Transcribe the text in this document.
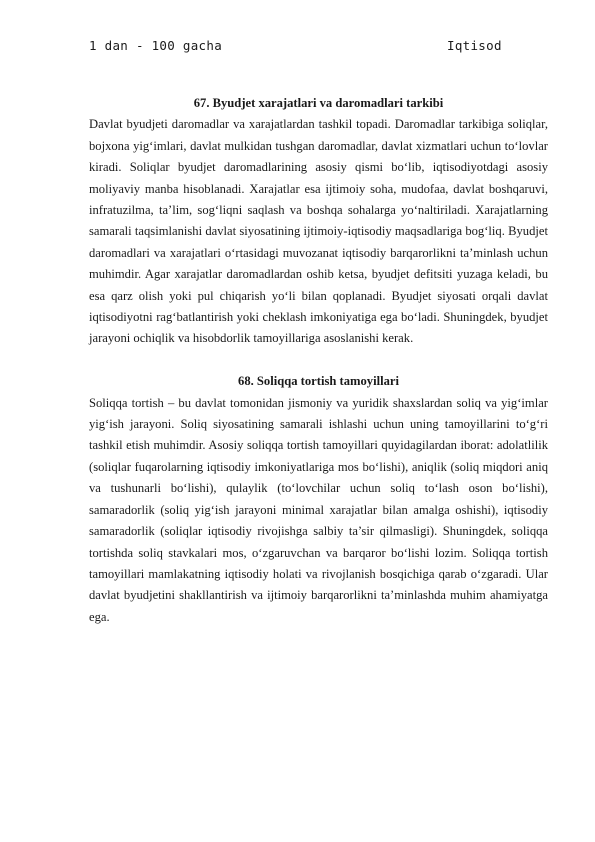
1 dan - 100 gacha	Iqtisod

67. Byudjet xarajatlari va daromadlari tarkibi

Davlat byudjeti daromadlar va xarajatlardan tashkil topadi. Daromadlar tarkibiga soliqlar, bojxona yig‘imlari, davlat mulkidan tushgan daromadlar, davlat xizmatlari uchun to‘lovlar kiradi. Soliqlar byudjet daromadlarining asosiy qismi bo‘lib, iqtisodiyotdagi asosiy moliyaviy manba hisoblanadi. Xarajatlar esa ijtimoiy soha, mudofaa, davlat boshqaruvi, infratuzilma, ta’lim, sog‘liqni saqlash va boshqa sohalarga yo‘naltiriladi. Xarajatlarning samarali taqsimlanishi davlat siyosatining ijtimoiy-iqtisodiy maqsadlariga bog‘liq. Byudjet daromadlari va xarajatlari o‘rtasidagi muvozanat iqtisodiy barqarorlikni ta’minlash uchun muhimdir. Agar xarajatlar daromadlardan oshib ketsa, byudjet defitsiti yuzaga keladi, bu esa qarz olish yoki pul chiqarish yo‘li bilan qoplanadi. Byudjet siyosati orqali davlat iqtisodiyotni rag‘batlantirish yoki cheklash imkoniyatiga ega bo‘ladi. Shuningdek, byudjet jarayoni ochiqlik va hisobdorlik tamoyillariga asoslanishi kerak.

68. Soliqqa tortish tamoyillari

Soliqqa tortish – bu davlat tomonidan jismoniy va yuridik shaxslardan soliq va yig‘imlar yig‘ish jarayoni. Soliq siyosatining samarali ishlashi uchun uning tamoyillarini to‘g‘ri tashkil etish muhimdir. Asosiy soliqqa tortish tamoyillari quyidagilardan iborat: adolatlilik (soliqlar fuqarolarning iqtisodiy imkoniyatlariga mos bo‘lishi), aniqlik (soliq miqdori aniq va tushunarli bo‘lishi), qulaylik (to‘lovchilar uchun soliq to‘lash oson bo‘lishi), samaradorlik (soliq yig‘ish jarayoni minimal xarajatlar bilan amalga oshishi), iqtisodiy samaradorlik (soliqlar iqtisodiy rivojishga salbiy ta’sir qilmasligi). Shuningdek, soliqqa tortishda soliq stavkalari mos, o‘zgaruvchan va barqaror bo‘lishi lozim. Soliqqa tortish tamoyillari mamlakatning iqtisodiy holati va rivojlanish bosqichiga qarab o‘zgaradi. Ular davlat byudjetini shakllantirish va ijtimoiy barqarorlikni ta’minlashda muhim ahamiyatga ega.
